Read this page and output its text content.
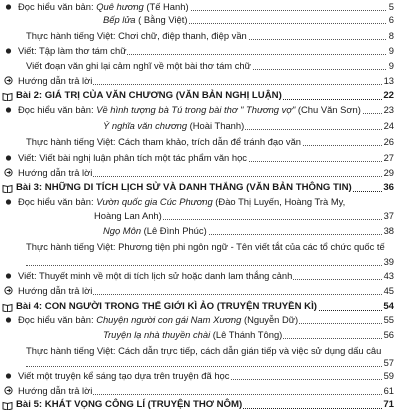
Đọc hiểu văn bản: Quê hương (Tế Hanh)	5
Bếp lửa ( Bằng Việt)	6
Thực hành tiếng Việt: Chơi chữ, điệp thanh, điệp vần	8
Viết: Tập làm thơ tám chữ	9
Viết đoạn văn ghi lại cảm nghĩ về một bài thơ tám chữ	9
Hướng dẫn trả lời	13
Bài 2: GIÁ TRỊ CỦA VĂN CHƯƠNG (VĂN BẢN NGHỊ LUẬN)	22
Đọc hiểu văn bản: Về hình tượng bà Tú trong bài thơ " Thương vợ" (Chu Văn Sơn) 23
Ý nghĩa văn chương (Hoài Thanh)	24
Thực hành tiếng Việt: Cách tham khảo, trích dẫn để tránh đạo văn	26
Viết: Viết bài nghị luận phân tích một tác phẩm văn học	27
Hướng dẫn trả lời	29
Bài 3: NHỮNG DI TÍCH LỊCH SỬ VÀ DANH THẮNG (VĂN BẢN THÔNG TIN)	36
Đọc hiểu văn bản: Vườn quốc gia Cúc Phương (Đào Thị Luyến, Hoàng Trà My,
Hoàng Lan Anh)	37
Ngọ Môn (Lê Đình Phúc)	38
Thực hành tiếng Việt: Phương tiện phi ngôn ngữ - Tên viết tắt của các tổ chức quốc tế
39
Viết: Thuyết minh về một di tích lịch sử hoặc danh lam thắng cảnh	43
Hướng dẫn trả lời	45
Bài 4: CON NGƯỜI TRONG THẾ GIỚI KÌ ẢO (TRUYỆN TRUYỀN KÌ)	54
Đọc hiểu văn bản: Chuyện người con gái Nam Xương (Nguyễn Dữ)	55
Truyện lạ nhà thuyền chài (Lê Thánh Tông)	56
Thực hành tiếng Việt: Cách dẫn trực tiếp, cách dẫn gián tiếp và việc sử dụng dấu câu
57
Viết một truyện kể sáng tạo dựa trên truyện đã học	59
Hướng dẫn trả lời	61
Bài 5: KHÁT VỌNG CÔNG LÍ (TRUYỆN THƠ NÔM)	71
